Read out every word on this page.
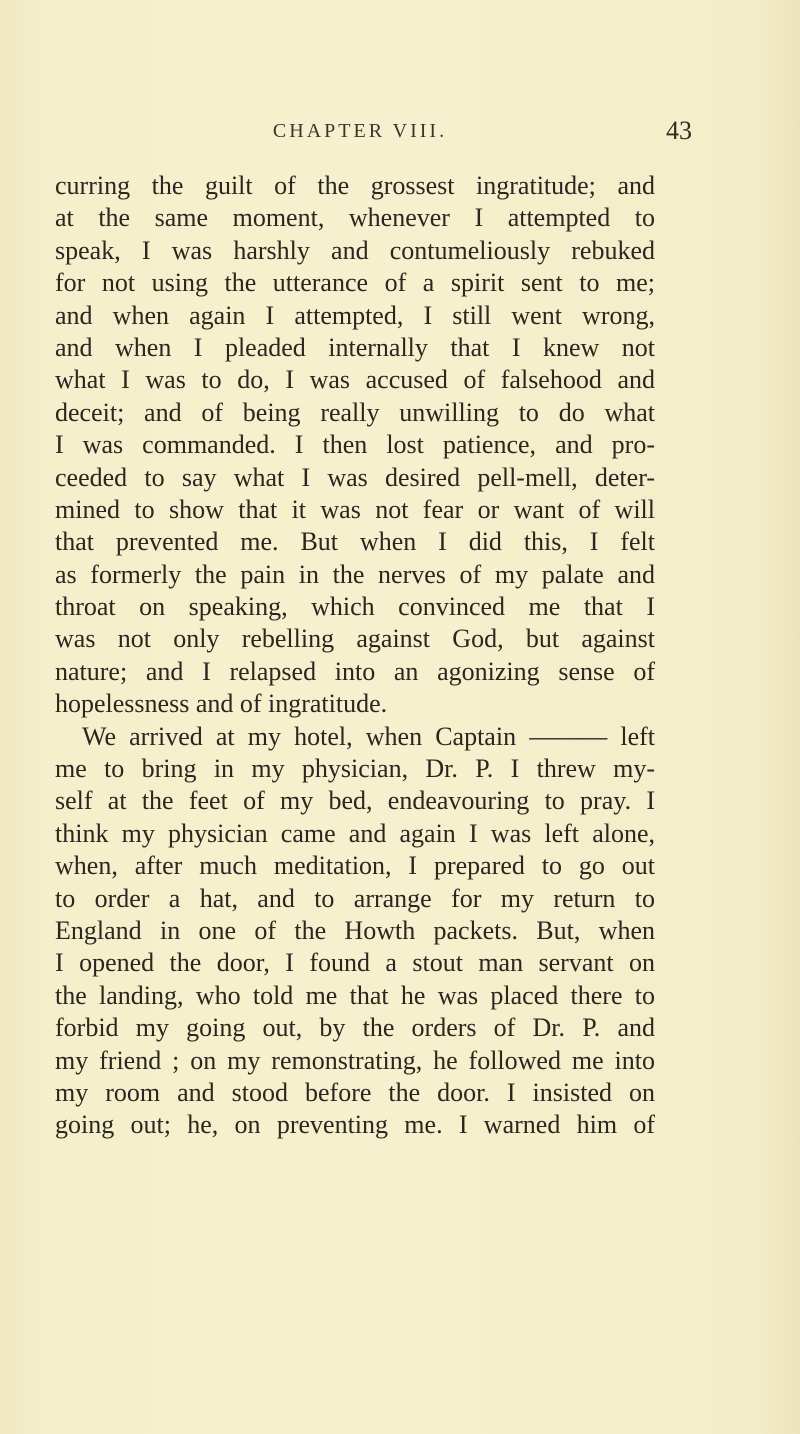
CHAPTER VIII.	43
curring the guilt of the grossest ingratitude; and
at the same moment, whenever I attempted to
speak, I was harshly and contumeliously rebuked
for not using the utterance of a spirit sent to me;
and when again I attempted, I still went wrong,
and when I pleaded internally that I knew not
what I was to do, I was accused of falsehood and
deceit; and of being really unwilling to do what
I was commanded. I then lost patience, and pro-
ceeded to say what I was desired pell-mell, deter-
mined to show that it was not fear or want of will
that prevented me. But when I did this, I felt
as formerly the pain in the nerves of my palate and
throat on speaking, which convinced me that I
was not only rebelling against God, but against
nature; and I relapsed into an agonizing sense of
hopelessness and of ingratitude.
We arrived at my hotel, when Captain ——— left
me to bring in my physician, Dr. P. I threw my-
self at the feet of my bed, endeavouring to pray. I
think my physician came and again I was left alone,
when, after much meditation, I prepared to go out
to order a hat, and to arrange for my return to
England in one of the Howth packets. But, when
I opened the door, I found a stout man servant on
the landing, who told me that he was placed there to
forbid my going out, by the orders of Dr. P. and
my friend ; on my remonstrating, he followed me into
my room and stood before the door. I insisted on
going out; he, on preventing me. I warned him of
